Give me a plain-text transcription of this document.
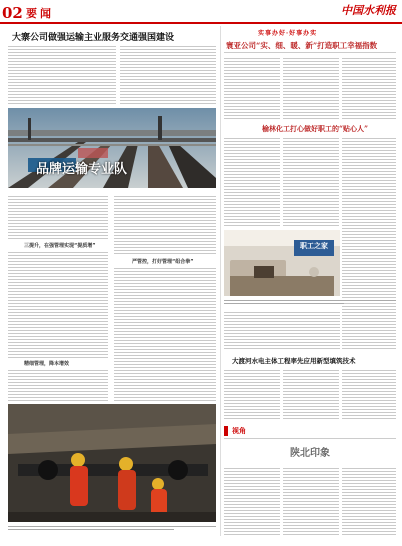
02 要闻	中国水利报
大寨公司做强运输主业服务交通强国建设
品牌运输专业队
三提升，在强管理实现“提质增”
精细管理，降本增效
严管控，打好管理“组合拳”
实事办好·好事办实
寰亚公司“实、细、暖、新”打造职工幸福指数
榆林化工打心做好职工的“贴心人”
职工之家
大渡河水电主体工程率先应用新型填筑技术
视角
陕北印象
